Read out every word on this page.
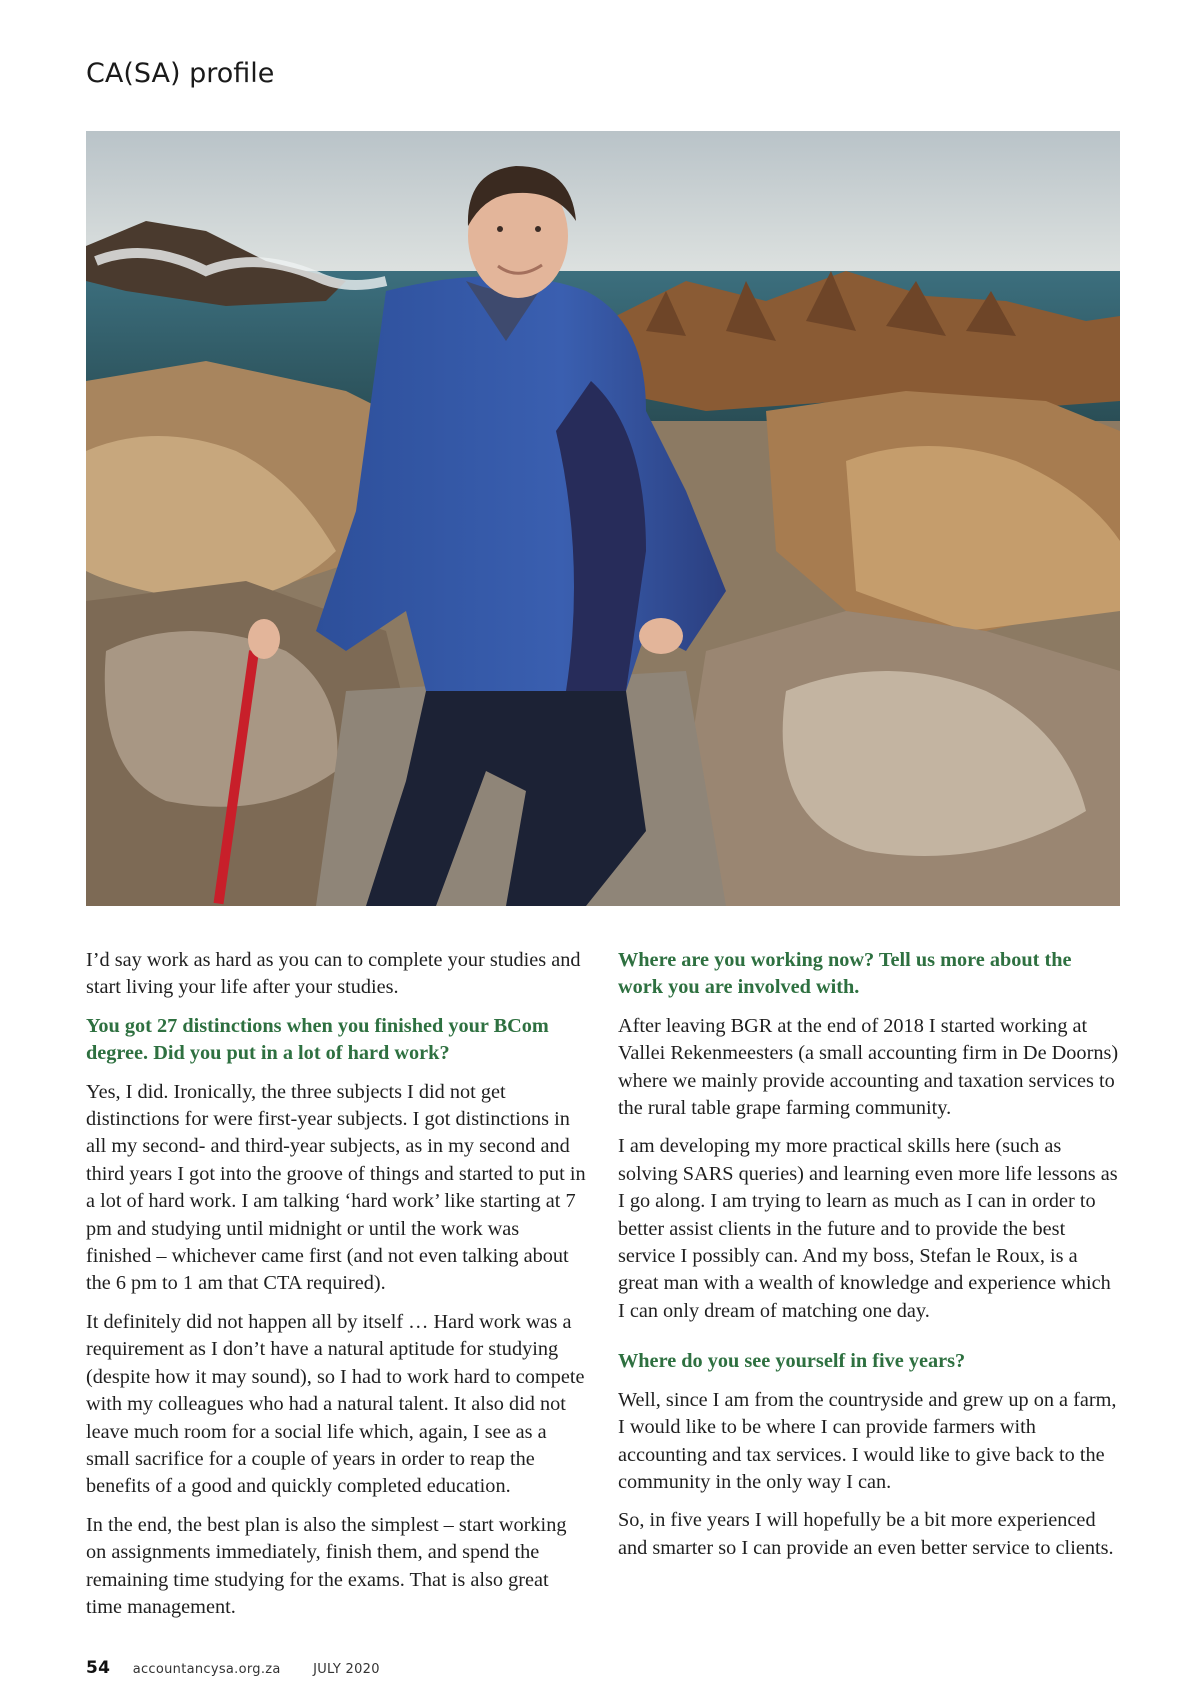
CA(SA) profile

I’d say work as hard as you can to complete your studies and start living your life after your studies.

You got 27 distinctions when you finished your BCom degree. Did you put in a lot of hard work?

Yes, I did. Ironically, the three subjects I did not get distinctions for were first-year subjects. I got distinctions in all my second- and third-year subjects, as in my second and third years I got into the groove of things and started to put in a lot of hard work. I am talking ‘hard work’ like starting at 7 pm and studying until midnight or until the work was finished – whichever came first (and not even talking about the 6 pm to 1 am that CTA required).

It definitely did not happen all by itself … Hard work was a requirement as I don’t have a natural aptitude for studying (despite how it may sound), so I had to work hard to compete with my colleagues who had a natural talent. It also did not leave much room for a social life which, again, I see as a small sacrifice for a couple of years in order to reap the benefits of a good and quickly completed education.

In the end, the best plan is also the simplest – start working on assignments immediately, finish them, and spend the remaining time studying for the exams. That is also great time management.

Where are you working now? Tell us more about the work you are involved with.

After leaving BGR at the end of 2018 I started working at Vallei Rekenmeesters (a small accounting firm in De Doorns) where we mainly provide accounting and taxation services to the rural table grape farming community.

I am developing my more practical skills here (such as solving SARS queries) and learning even more life lessons as I go along. I am trying to learn as much as I can in order to better assist clients in the future and to provide the best service I possibly can. And my boss, Stefan le Roux, is a great man with a wealth of knowledge and experience which I can only dream of matching one day.

Where do you see yourself in five years?

Well, since I am from the countryside and grew up on a farm, I would like to be where I can provide farmers with accounting and tax services. I would like to give back to the community in the only way I can.

So, in five years I will hopefully be a bit more experienced and smarter so I can provide an even better service to clients.

54 accountancysa.org.za JULY 2020
